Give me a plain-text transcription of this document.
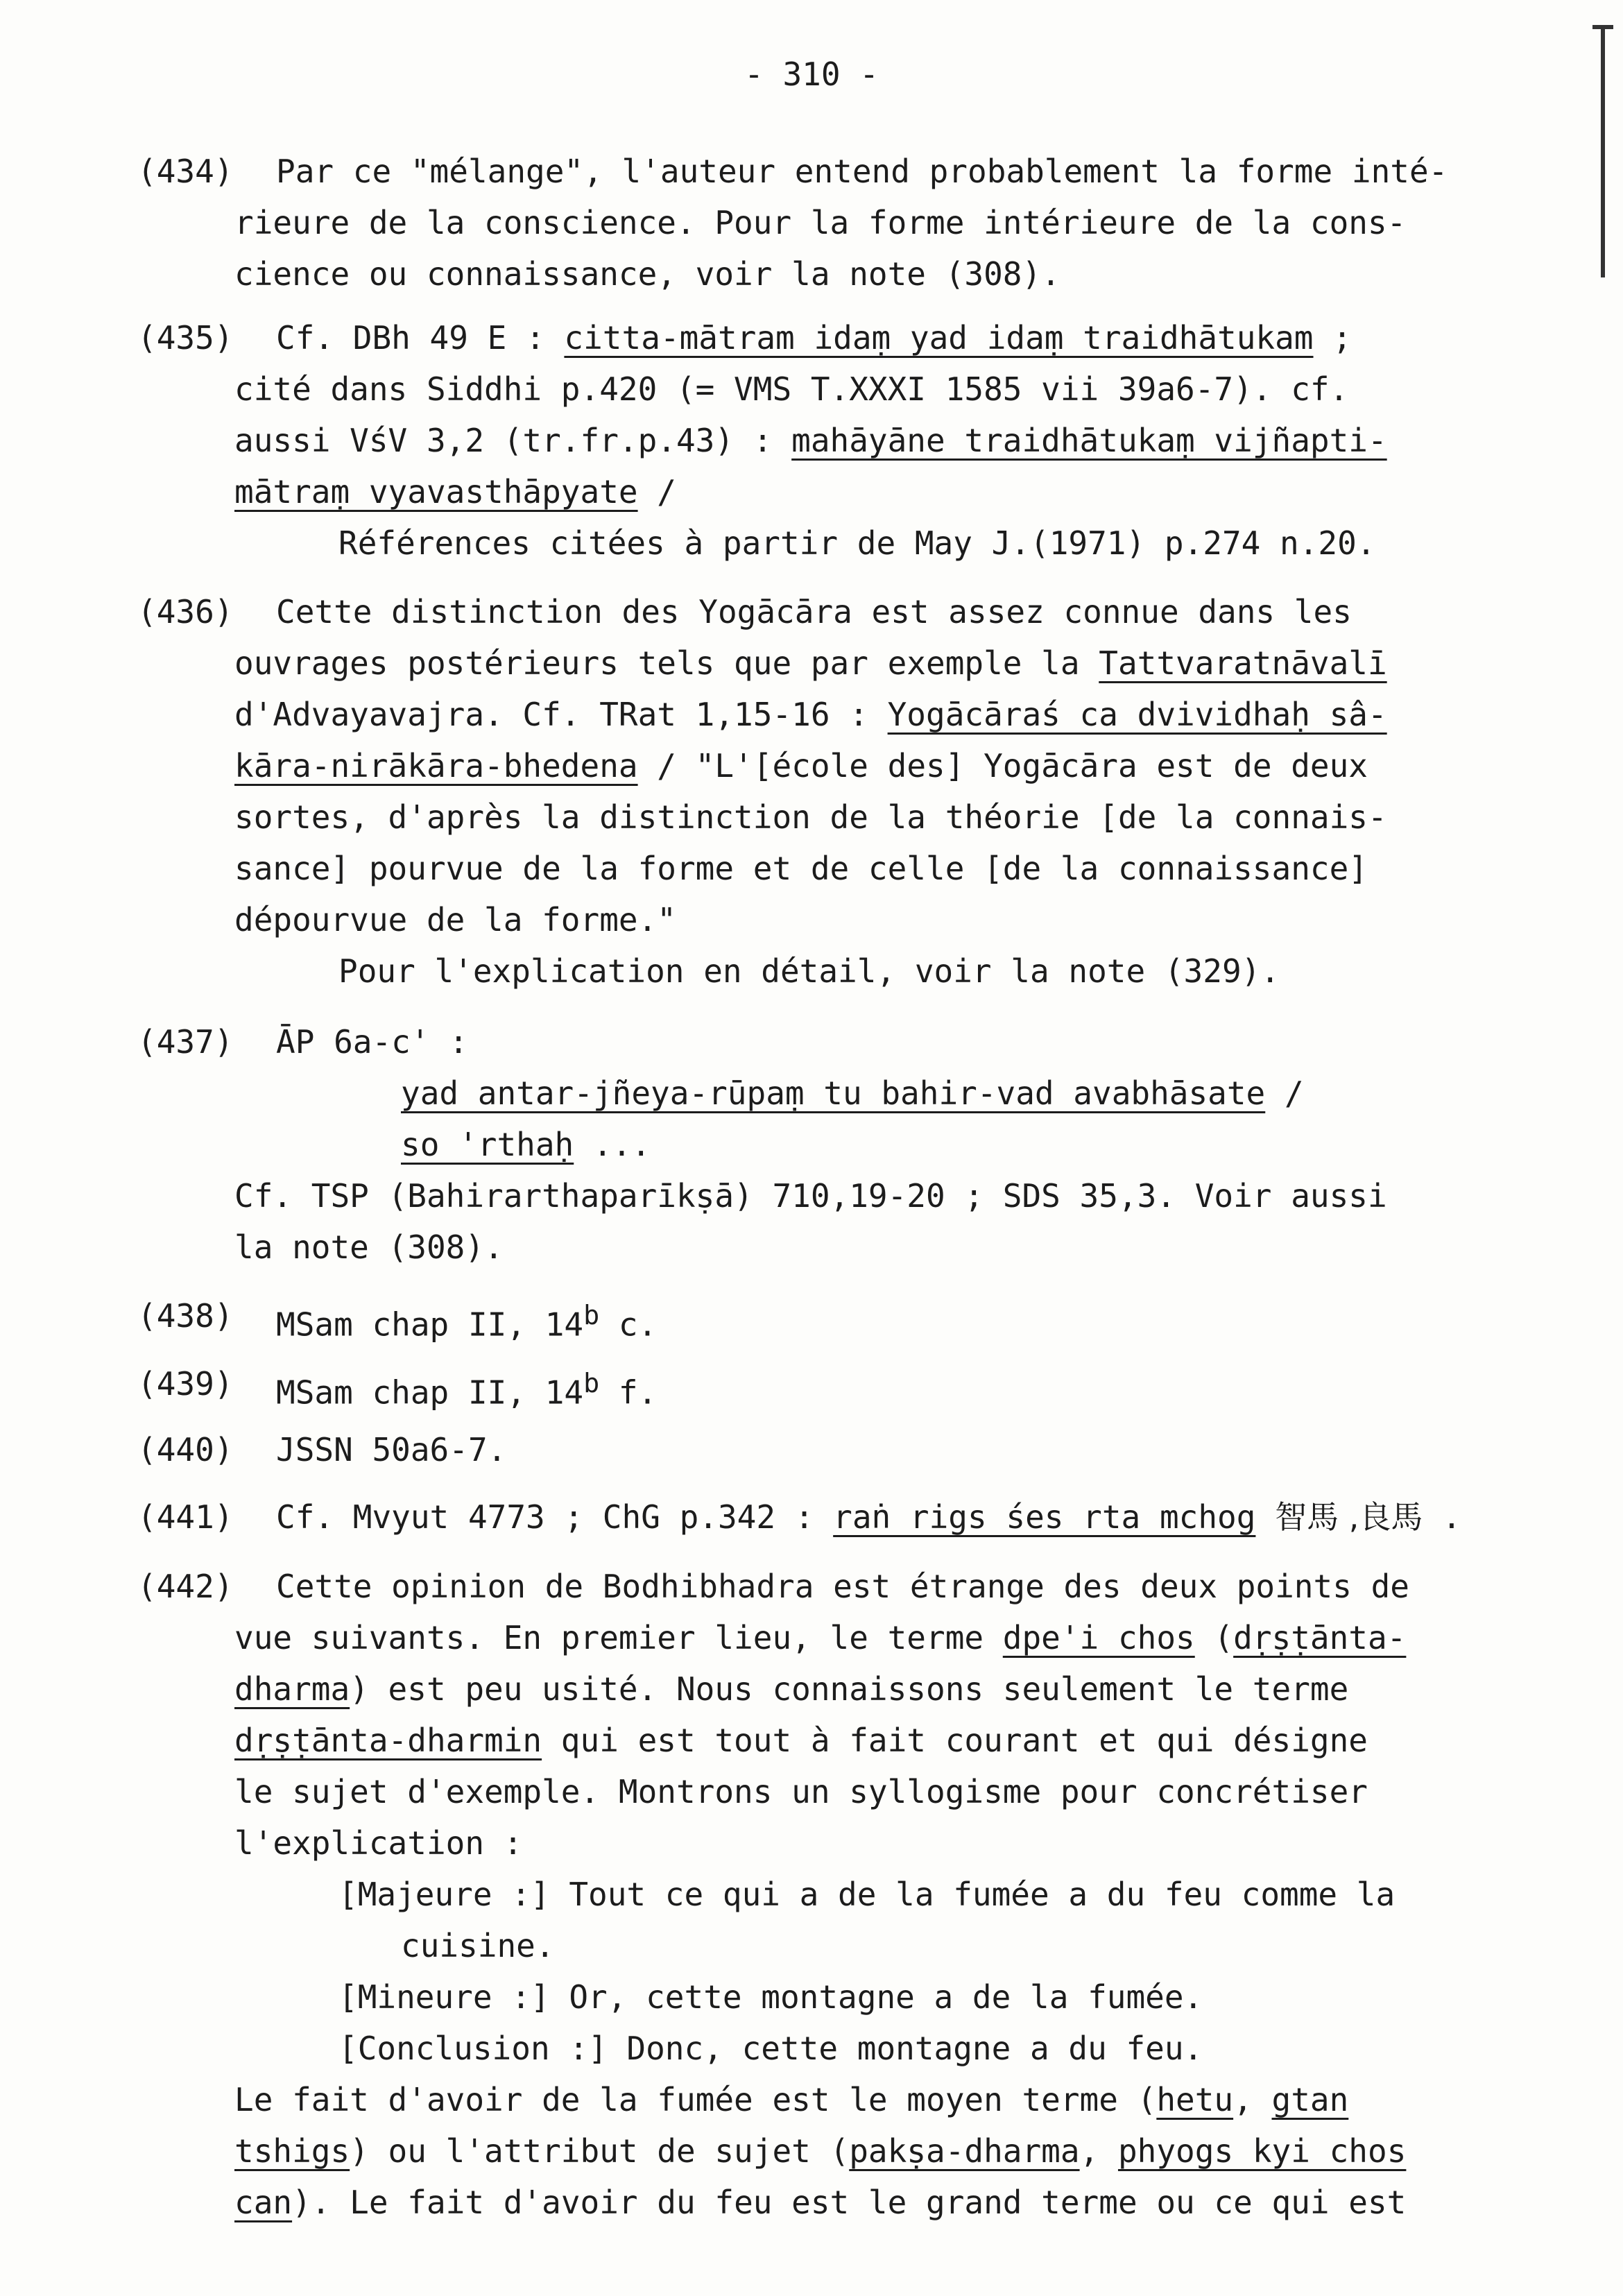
- 310 -
(434) Par ce "mélange", l'auteur entend probablement la forme inté-
rieure de la conscience. Pour la forme intérieure de la cons-
cience ou connaissance, voir la note (308).
(435) Cf. DBh 49 E : citta-mātram idaṃ yad idaṃ traidhātukam ;
cité dans Siddhi p.420 (= VMS T.XXXI 1585 vii 39a6-7). cf.
aussi VśV 3,2 (tr.fr.p.43) : mahāyāne traidhātukaṃ vijñapti-
mātraṃ vyavasthāpyate /
Références citées à partir de May J.(1971) p.274 n.20.
(436) Cette distinction des Yogācāra est assez connue dans les
ouvrages postérieurs tels que par exemple la Tattvaratnāvalī
d'Advayavajra. Cf. TRat 1,15-16 : Yogācāraś ca dvividhaḥ sâ-
kāra-nirākāra-bhedena / "L'[école des] Yogācāra est de deux
sortes, d'après la distinction de la théorie [de la connais-
sance] pourvue de la forme et de celle [de la connaissance]
dépourvue de la forme."
Pour l'explication en détail, voir la note (329).
(437) ĀP 6a-c' :
yad antar-jñeya-rūpaṃ tu bahir-vad avabhāsate /
so 'rthaḥ ...
Cf. TSP (Bahirarthaparīkṣā) 710,19-20 ; SDS 35,3. Voir aussi
la note (308).
(438) MSam chap II, 14$^b$ c.
(439) MSam chap II, 14$^b$ f.
(440) JSSN 50a6-7.
(441) Cf. Mvyut 4773 ; ChG p.342 : raṅ rigs śes rta mchog 智馬 ,良馬 .
(442) Cette opinion de Bodhibhadra est étrange des deux points de
vue suivants. En premier lieu, le terme dpe'i chos (dṛṣṭānta-
dharma) est peu usité. Nous connaissons seulement le terme
dṛṣṭānta-dharmin qui est tout à fait courant et qui désigne
le sujet d'exemple. Montrons un syllogisme pour concrétiser
l'explication :
[Majeure :] Tout ce qui a de la fumée a du feu comme la
cuisine.
[Mineure :] Or, cette montagne a de la fumée.
[Conclusion :] Donc, cette montagne a du feu.
Le fait d'avoir de la fumée est le moyen terme (hetu, gtan
tshigs) ou l'attribut de sujet (pakṣa-dharma, phyogs kyi chos
can). Le fait d'avoir du feu est le grand terme ou ce qui est
